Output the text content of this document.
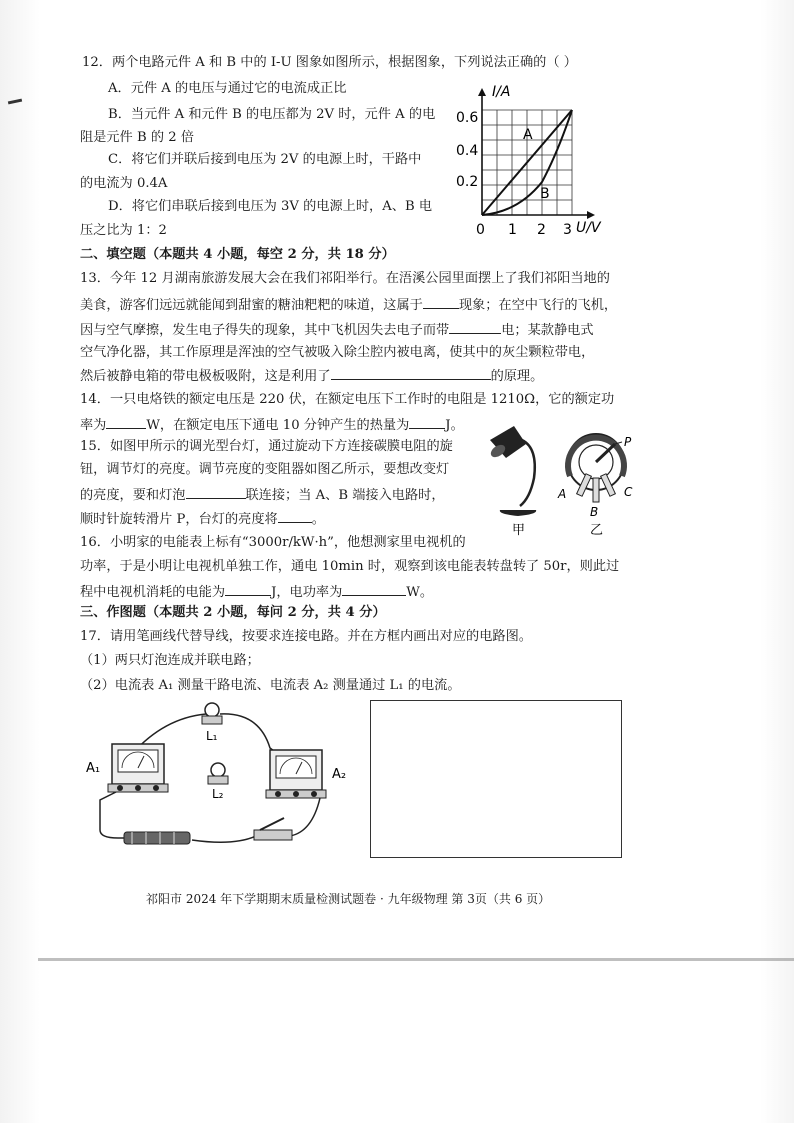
12．两个电路元件 A 和 B 中的 I-U 图象如图所示，根据图象，下列说法正确的（ ）
A．元件 A 的电压与通过它的电流成正比
B．当元件 A 和元件 B 的电压都为 2V 时，元件 A 的电
阻是元件 B 的 2 倍
C．将它们并联后接到电压为 2V 的电源上时，干路中
的电流为 0.4A
D．将它们串联后接到电压为 3V 的电源上时，A、B 电
压之比为 1：2
I/A
U/V
0.6
0.4
0.2
0 1 2 3
A
B
二、填空题（本题共 4 小题，每空 2 分，共 18 分）
13．今年 12 月湖南旅游发展大会在我们祁阳举行。在浯溪公园里面摆上了我们祁阳当地的
美食，游客们远远就能闻到甜蜜的糖油粑粑的味道，这属于	现象；在空中飞行的飞机，
因与空气摩擦，发生电子得失的现象，其中飞机因失去电子而带	电；某款静电式
空气净化器，其工作原理是浑浊的空气被吸入除尘腔内被电离，使其中的灰尘颗粒带电，
然后被静电箱的带电极板吸附，这是利用了	的原理。
14．一只电烙铁的额定电压是 220 伏，在额定电压下工作时的电阻是 1210Ω，它的额定功
率为	W，在额定电压下通电 10 分钟产生的热量为	J。
15．如图甲所示的调光型台灯，通过旋动下方连接碳膜电阻的旋
钮，调节灯的亮度。调节亮度的变阻器如图乙所示，要想改变灯
的亮度，要和灯泡	联连接；当 A、B 端接入电路时，
顺时针旋转滑片 P，台灯的亮度将	。
甲
P
A
B
C
乙
16．小明家的电能表上标有“3000r/kW·h”，他想测家里电视机的
功率，于是小明让电视机单独工作，通电 10min 时，观察到该电能表转盘转了 50r，则此过
程中电视机消耗的电能为	J，电功率为	W。
三、作图题（本题共 2 小题，每问 2 分，共 4 分）
17．请用笔画线代替导线，按要求连接电路。并在方框内画出对应的电路图。
（1）两只灯泡连成并联电路；
（2）电流表 A₁ 测量干路电流、电流表 A₂ 测量通过 L₁ 的电流。
A₁
L₁
L₂
A₂
祁阳市 2024 年下学期期末质量检测试题卷 · 九年级物理 第 3页（共 6 页）
